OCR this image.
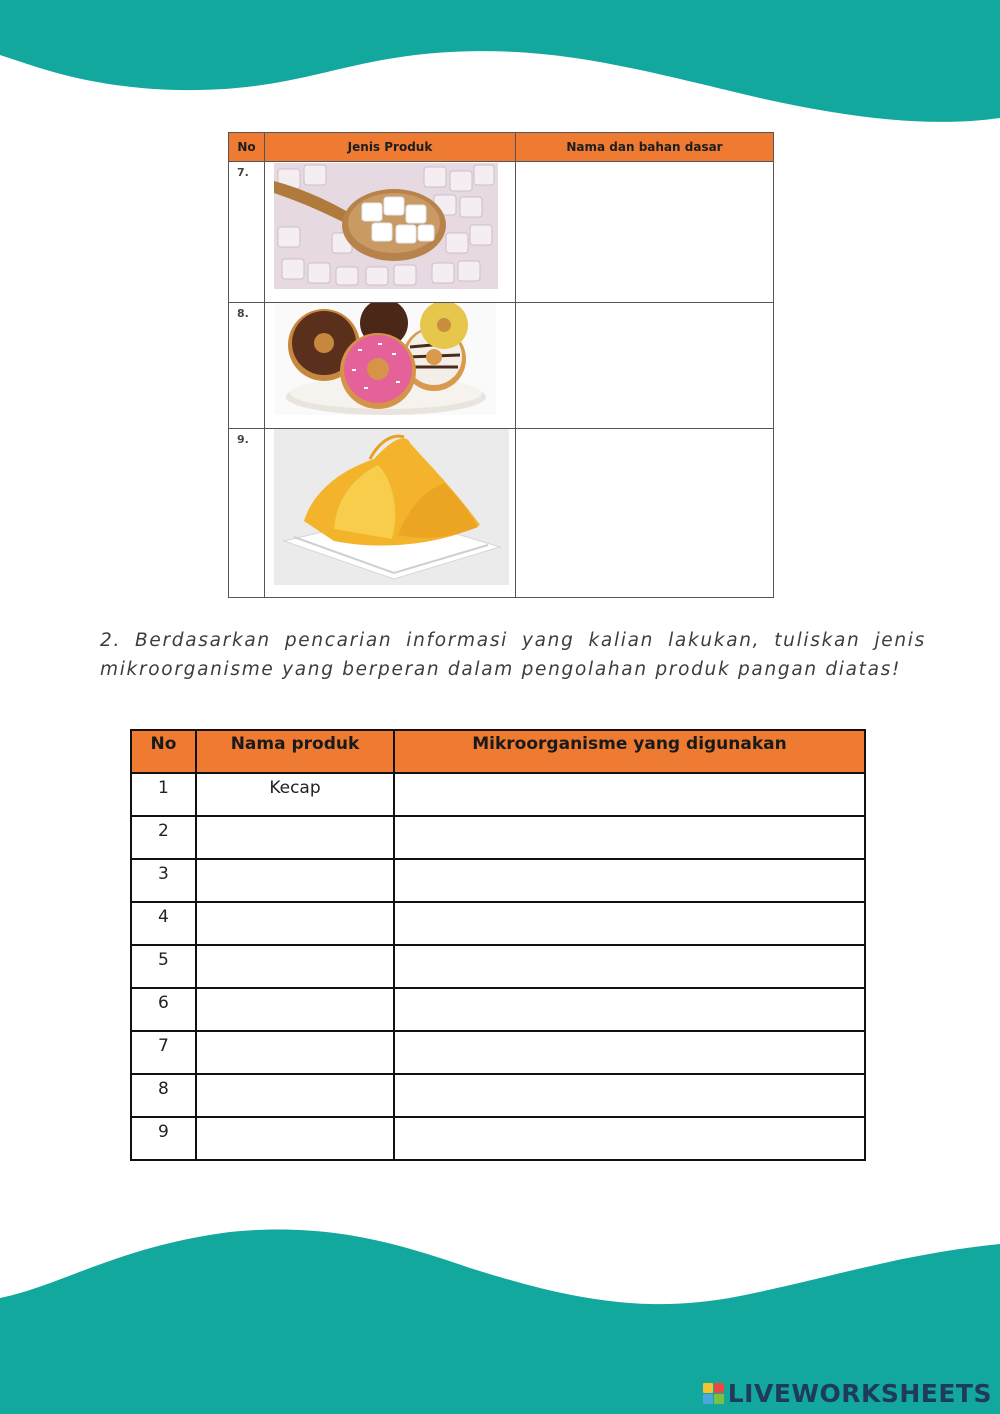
No	Jenis Produk	Nama dan bahan dasar
7.	

8.	

9.	

2. Berdasarkan pencarian informasi yang kalian lakukan, tuliskan jenis mikroorganisme yang berperan dalam pengolahan produk pangan diatas!

No	Nama produk	Mikroorganisme yang digunakan
1	Kecap	
2		
3		
4		
5		
6		
7		
8		
9		
LIVEWORKSHEETS
